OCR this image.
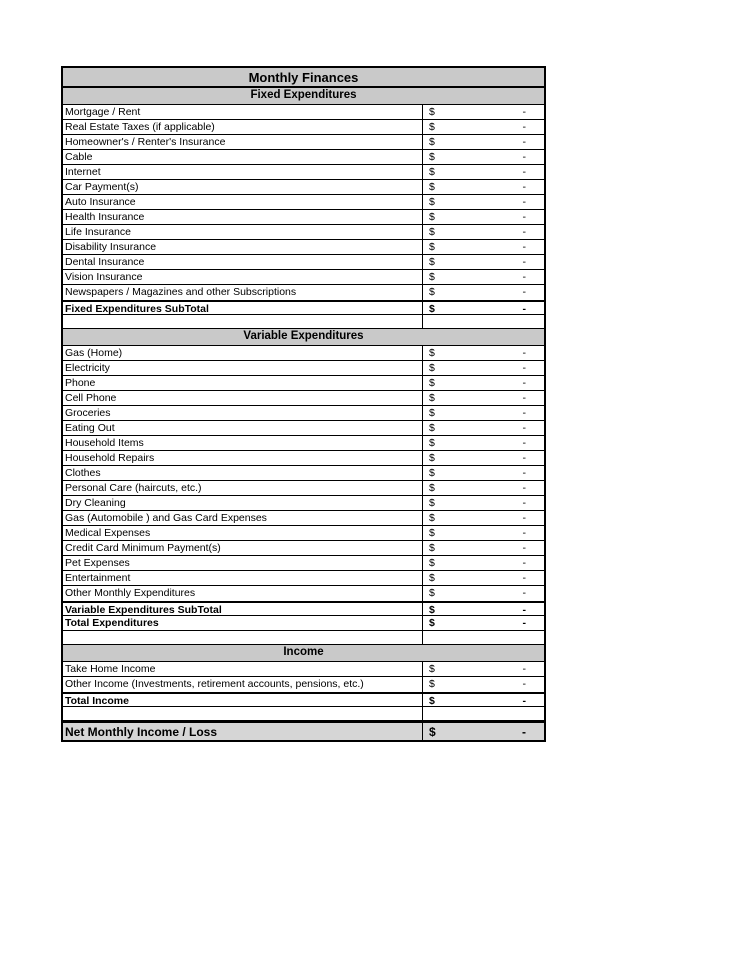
Monthly Finances
Fixed Expenditures
Mortgage / Rent	$	-
Real Estate Taxes (if applicable)	$	-
Homeowner's / Renter's Insurance	$	-
Cable	$	-
Internet	$	-
Car Payment(s)	$	-
Auto Insurance	$	-
Health Insurance	$	-
Life Insurance	$	-
Disability Insurance	$	-
Dental Insurance	$	-
Vision Insurance	$	-
Newspapers / Magazines and other Subscriptions	$	-
Fixed Expenditures SubTotal	$	-
Variable Expenditures
Gas (Home)	$	-
Electricity	$	-
Phone	$	-
Cell Phone	$	-
Groceries	$	-
Eating Out	$	-
Household Items	$	-
Household Repairs	$	-
Clothes	$	-
Personal Care (haircuts, etc.)	$	-
Dry Cleaning	$	-
Gas (Automobile ) and Gas Card Expenses	$	-
Medical Expenses	$	-
Credit Card Minimum Payment(s)	$	-
Pet Expenses	$	-
Entertainment	$	-
Other Monthly Expenditures	$	-
Variable Expenditures SubTotal	$	-
Total Expenditures	$	-
Income
Take Home Income	$	-
Other Income (Investments, retirement accounts, pensions, etc.)	$	-
Total Income	$	-
Net Monthly Income / Loss	$	-
